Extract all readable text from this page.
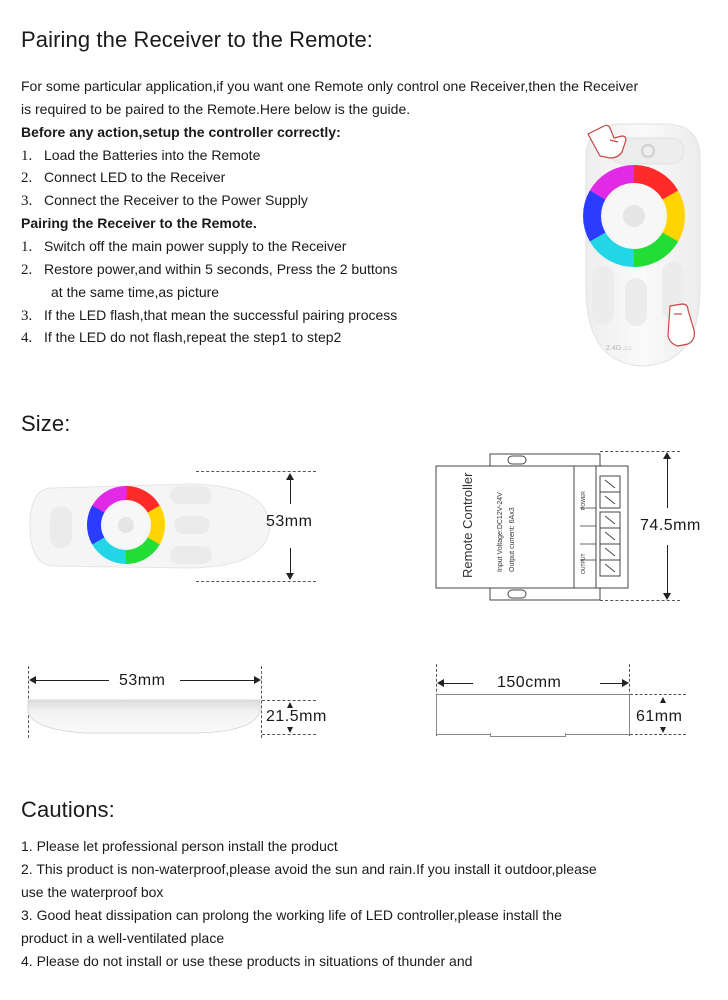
Pairing the Receiver to the Remote:
For some particular application,if you want one Remote only control one Receiver,then the Receiver
is required to be paired to the Remote.Here below is the guide.
Before any action,setup the controller correctly:
1. Load the Batteries into the Remote
2. Connect LED to the Receiver
3. Connect the Receiver to the Power Supply
Pairing the Receiver to the Remote.
1. Switch off the main power supply to the Receiver
2. Restore power,and within 5 seconds, Press the 2 buttons
at the same time,as picture
3. If the LED flash,that mean the successful pairing process
4. If the LED do not flash,repeat the step1 to step2
2.4G ⌂⌂
Size:
53mm	Remote Controller	Input Voltage:DC12V-24V Output current: 6Ax3
POWER
OUTPUT
74.5mm
53mm
21.5mm
150cmm
61mm
Cautions:
1. Please let professional person install the product
2. This product is non-waterproof,please avoid the sun and rain.If you install it outdoor,please
use the waterproof box
3. Good heat dissipation can prolong the working life of LED controller,please install the
product in a well-ventilated place
4. Please do not install or use these products in situations of thunder and
